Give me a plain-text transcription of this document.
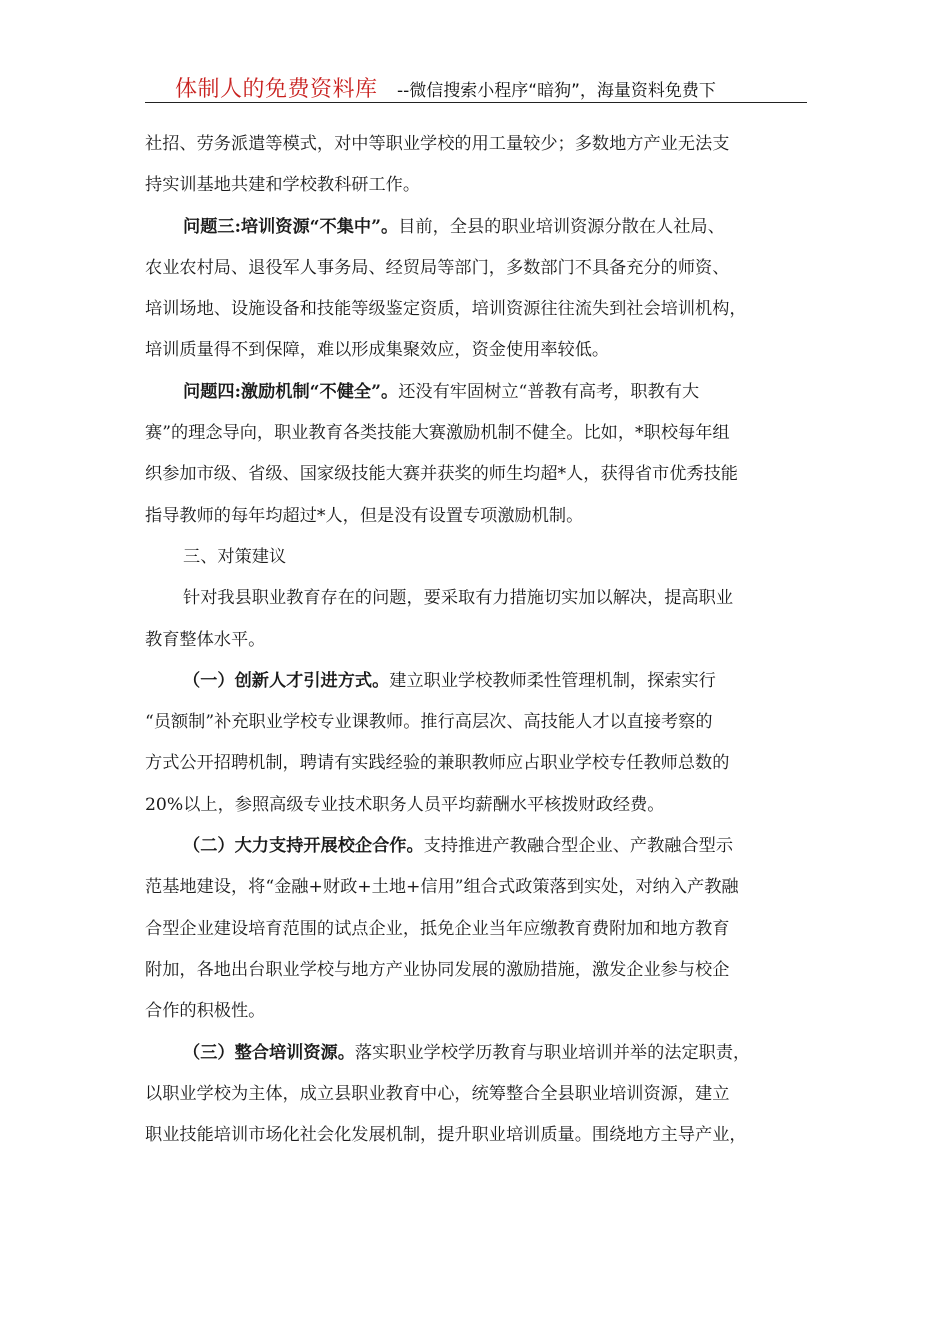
体制人的免费资料库 --微信搜索小程序“暗狗”，海量资料免费下
社招、劳务派遣等模式，对中等职业学校的用工量较少；多数地方产业无法支
持实训基地共建和学校教科研工作。
问题三:培训资源“不集中”。目前，全县的职业培训资源分散在人社局、
农业农村局、退役军人事务局、经贸局等部门，多数部门不具备充分的师资、
培训场地、设施设备和技能等级鉴定资质，培训资源往往流失到社会培训机构，
培训质量得不到保障，难以形成集聚效应，资金使用率较低。
问题四:激励机制“不健全”。还没有牢固树立“普教有高考，职教有大
赛”的理念导向，职业教育各类技能大赛激励机制不健全。比如，*职校每年组
织参加市级、省级、国家级技能大赛并获奖的师生均超*人，获得省市优秀技能
指导教师的每年均超过*人，但是没有设置专项激励机制。
三、对策建议
针对我县职业教育存在的问题，要采取有力措施切实加以解决，提高职业
教育整体水平。
（一）创新人才引进方式。建立职业学校教师柔性管理机制，探索实行
“员额制”补充职业学校专业课教师。推行高层次、高技能人才以直接考察的
方式公开招聘机制，聘请有实践经验的兼职教师应占职业学校专任教师总数的
20%以上，参照高级专业技术职务人员平均薪酬水平核拨财政经费。
（二）大力支持开展校企合作。支持推进产教融合型企业、产教融合型示
范基地建设，将“金融+财政+土地+信用”组合式政策落到实处，对纳入产教融
合型企业建设培育范围的试点企业，抵免企业当年应缴教育费附加和地方教育
附加，各地出台职业学校与地方产业协同发展的激励措施，激发企业参与校企
合作的积极性。
（三）整合培训资源。落实职业学校学历教育与职业培训并举的法定职责，
以职业学校为主体，成立县职业教育中心，统筹整合全县职业培训资源，建立
职业技能培训市场化社会化发展机制，提升职业培训质量。围绕地方主导产业，
